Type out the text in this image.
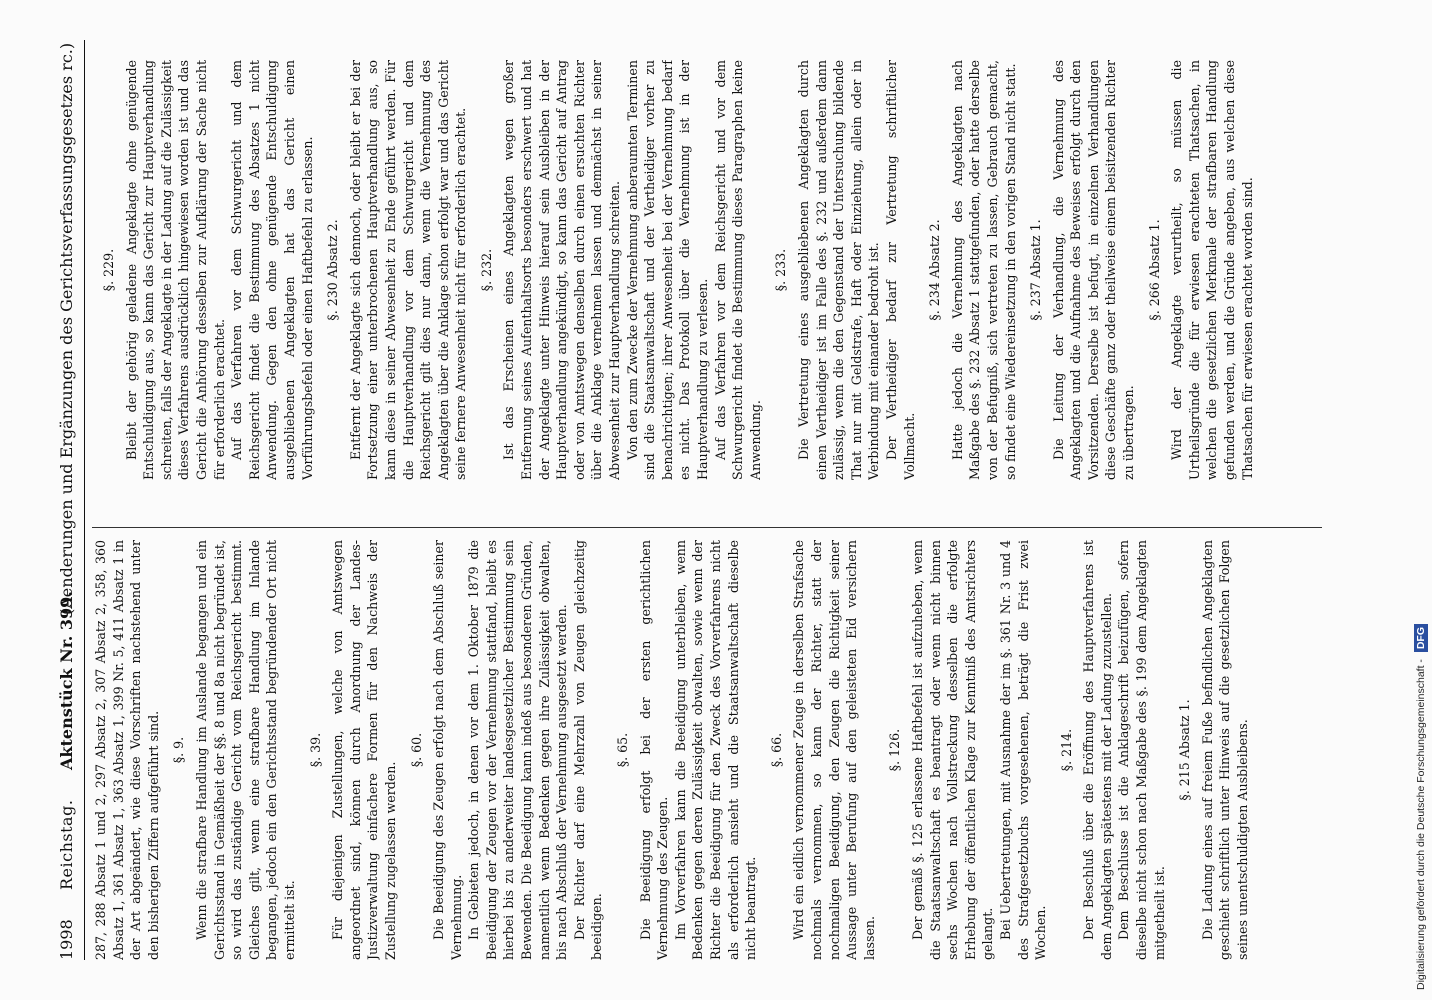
1998
Reichstag.
Aktenstück Nr. 399.
(Aenderungen und Ergänzungen des Gerichtsverfassungsgesetzes rc.)

287, 288 Absatz 1 und 2, 297 Absatz 2, 307 Absatz 2, 358, 360 Absatz 1, 361 Absatz 1, 363 Absatz 1, 399 Nr. 5, 411 Absatz 1 in der Art abgeändert, wie diese Vorschriften nachstehend unter den bisherigen Ziffern aufgeführt sind. §. 9. Wenn die strafbare Handlung im Auslande begangen und ein Gerichtsstand in Gemäßheit der §§. 8 und 8a nicht begründet ist, so wird das zuständige Gericht vom Reichsgericht bestimmt. Gleiches gilt, wenn eine strafbare Handlung im Inlande begangen, jedoch ein den Gerichtsstand begründender Ort nicht ermittelt ist.

§. 39. Für diejenigen Zustellungen, welche von Amtswegen angeordnet sind, können durch Anordnung der Landes-Justizverwaltung einfachere Formen für den Nachweis der Zustellung zugelassen werden.

§. 60. Die Beeidigung des Zeugen erfolgt nach dem Abschluß seiner Vernehmung. In Gebieten jedoch, in denen vor dem 1. Oktober 1879 die Beeidigung der Zeugen vor der Vernehmung stattfand, bleibt es hierbei bis zu anderweiter landesgesetzlicher Bestimmung sein Bewenden. Die Beeidigung kann indeß aus besonderen Gründen, namentlich wenn Bedenken gegen ihre Zulässigkeit obwalten, bis nach Abschluß der Vernehmung ausgesetzt werden. Der Richter darf eine Mehrzahl von Zeugen gleichzeitig beeidigen.

§. 65. Die Beeidigung erfolgt bei der ersten gerichtlichen Vernehmung des Zeugen. Im Vorverfahren kann die Beeidigung unterbleiben, wenn Bedenken gegen deren Zulässigkeit obwalten, sowie wenn der Richter die Beeidigung für den Zweck des Vorverfahrens nicht als erforderlich ansieht und die Staatsanwaltschaft dieselbe nicht beantragt.

§. 66. Wird ein eidlich vernommener Zeuge in derselben Strafsache nochmals vernommen, so kann der Richter, statt der nochmaligen Beeidigung, den Zeugen die Richtigkeit seiner Aussage unter Berufung auf den geleisteten Eid versichern lassen.

§. 126. Der gemäß §. 125 erlassene Haftbefehl ist aufzuheben, wenn die Staatsanwaltschaft es beantragt oder wenn nicht binnen sechs Wochen nach Vollstreckung desselben die erfolgte Erhebung der öffentlichen Klage zur Kenntniß des Amtsrichters gelangt. Bei Uebertretungen, mit Ausnahme der im §. 361 Nr. 3 und 4 des Strafgesetzbuchs vorgesehenen, beträgt die Frist zwei Wochen.

§. 214. Der Beschluß über die Eröffnung des Hauptverfahrens ist dem Angeklagten spätestens mit der Ladung zuzustellen. Dem Beschlusse ist die Anklageschrift beizufügen, sofern dieselbe nicht schon nach Maßgabe des §. 199 dem Angeklagten mitgetheilt ist.

§. 215 Absatz 1. Die Ladung eines auf freiem Fuße befindlichen Angeklagten geschieht schriftlich unter Hinweis auf die gesetzlichen Folgen seines unentschuldigten Ausbleibens.

§. 229. Bleibt der gehörig geladene Angeklagte ohne genügende Entschuldigung aus, so kann das Gericht zur Hauptverhandlung schreiten, falls der Angeklagte in der Ladung auf die Zulässigkeit dieses Verfahrens ausdrücklich hingewiesen worden ist und das Gericht die Anhörung desselben zur Aufklärung der Sache nicht für erforderlich erachtet. Auf das Verfahren vor dem Schwurgericht und dem Reichsgericht findet die Bestimmung des Absatzes 1 nicht Anwendung. Gegen den ohne genügende Entschuldigung ausgebliebenen Angeklagten hat das Gericht einen Vorführungsbefehl oder einen Haftbefehl zu erlassen. §. 230 Absatz 2. Entfernt der Angeklagte sich dennoch, oder bleibt er bei der Fortsetzung einer unterbrochenen Hauptverhandlung aus, so kann diese in seiner Abwesenheit zu Ende geführt werden. Für die Hauptverhandlung vor dem Schwurgericht und dem Reichsgericht gilt dies nur dann, wenn die Vernehmung des Angeklagten über die Anklage schon erfolgt war und das Gericht seine fernere Anwesenheit nicht für erforderlich erachtet. §. 232. Ist das Erscheinen eines Angeklagten wegen großer Entfernung seines Aufenthaltsorts besonders erschwert und hat der Angeklagte unter Hinweis hierauf sein Ausbleiben in der Hauptverhandlung angekündigt, so kann das Gericht auf Antrag oder von Amtswegen denselben durch einen ersuchten Richter über die Anklage vernehmen lassen und demnächst in seiner Abwesenheit zur Hauptverhandlung schreiten. Von den zum Zwecke der Vernehmung anberaumten Terminen sind die Staatsanwaltschaft und der Vertheidiger vorher zu benachrichtigen; ihrer Anwesenheit bei der Vernehmung bedarf es nicht. Das Protokoll über die Vernehmung ist in der Hauptverhandlung zu verlesen. Auf das Verfahren vor dem Reichsgericht und vor dem Schwurgericht findet die Bestimmung dieses Paragraphen keine Anwendung.

§. 233. Die Vertretung eines ausgebliebenen Angeklagten durch einen Vertheidiger ist im Falle des §. 232 und außerdem dann zulässig, wenn die den Gegenstand der Untersuchung bildende That nur mit Geldstrafe, Haft oder Einziehung, allein oder in Verbindung mit einander bedroht ist. Der Vertheidiger bedarf zur Vertretung schriftlicher Vollmacht.

§. 234 Absatz 2. Hatte jedoch die Vernehmung des Angeklagten nach Maßgabe des §. 232 Absatz 1 stattgefunden, oder hatte derselbe von der Befugniß, sich vertreten zu lassen, Gebrauch gemacht, so findet eine Wiedereinsetzung in den vorigen Stand nicht statt. §. 237 Absatz 1. Die Leitung der Verhandlung, die Vernehmung des Angeklagten und die Aufnahme des Beweises erfolgt durch den Vorsitzenden. Derselbe ist befugt, in einzelnen Verhandlungen diese Geschäfte ganz oder theilweise einem beisitzenden Richter zu übertragen.

§. 266 Absatz 1. Wird der Angeklagte verurtheilt, so müssen die Urtheilsgründe die für erwiesen erachteten Thatsachen, in welchen die gesetzlichen Merkmale der strafbaren Handlung gefunden werden, und die Gründe angeben, aus welchen diese Thatsachen für erwiesen erachtet worden sind.

Digitalisierung gefördert durch die Deutsche Forschungsgemeinschaft - DFG
